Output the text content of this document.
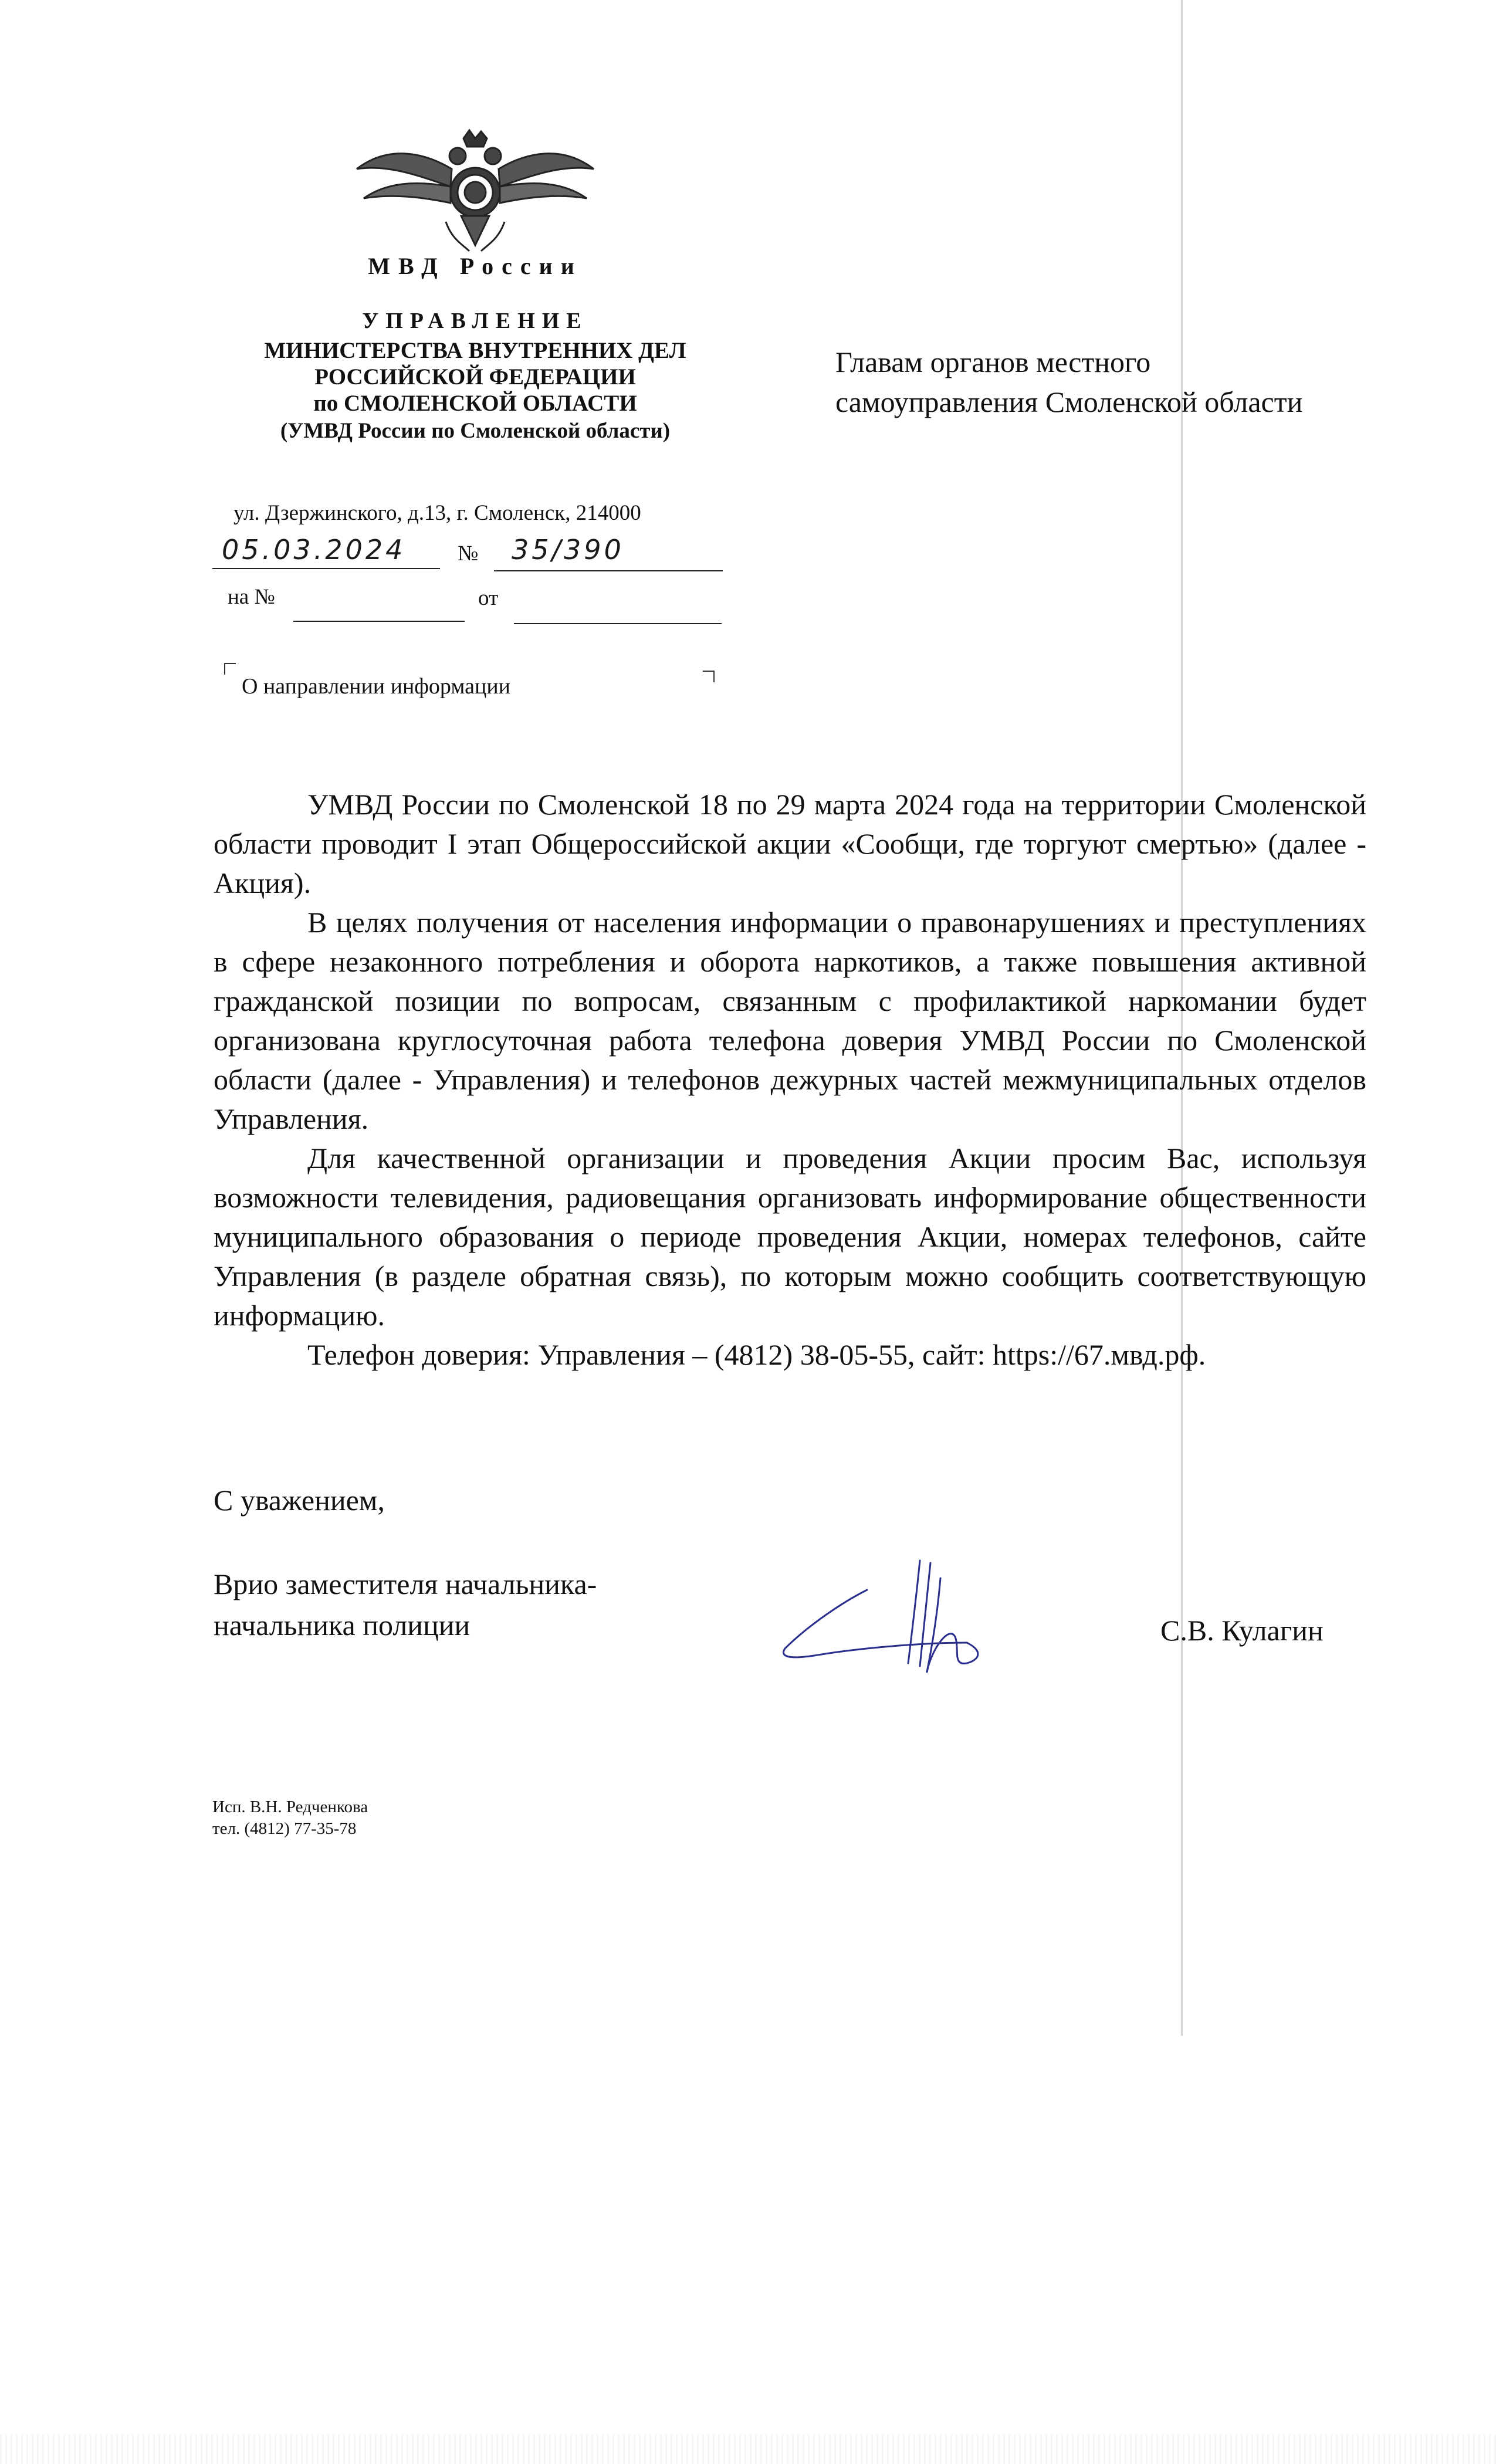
МВД России
УПРАВЛЕНИЕ
МИНИСТЕРСТВА ВНУТРЕННИХ ДЕЛ
РОССИЙСКОЙ ФЕДЕРАЦИИ
по СМОЛЕНСКОЙ ОБЛАСТИ
(УМВД России по Смоленской области)
ул. Дзержинского, д.13, г. Смоленск, 214000
05.03.2024 № 35/390
на №	от
О направлении информации
Главам органов местного
самоуправления Смоленской области

УМВД России по Смоленской 18 по 29 марта 2024 года на территории Смоленской области проводит I этап Общероссийской акции «Сообщи, где торгуют смертью» (далее - Акция).

В целях получения от населения информации о правонарушениях и преступлениях в сфере незаконного потребления и оборота наркотиков, а также повышения активной гражданской позиции по вопросам, связанным с профилактикой наркомании будет организована круглосуточная работа телефона доверия УМВД России по Смоленской области (далее - Управления) и телефонов дежурных частей межмуниципальных отделов Управления.

Для качественной организации и проведения Акции просим Вас, используя возможности телевидения, радиовещания организовать информирование общественности муниципального образования о периоде проведения Акции, номерах телефонов, сайте Управления (в разделе обратная связь), по которым можно сообщить соответствующую информацию.

Телефон доверия: Управления – (4812) 38-05-55, сайт: https://67.мвд.рф.

С уважением,
Врио заместителя начальника-
начальника полиции	С.В. Кулагин
Исп. В.Н. Редченкова
тел. (4812) 77-35-78
